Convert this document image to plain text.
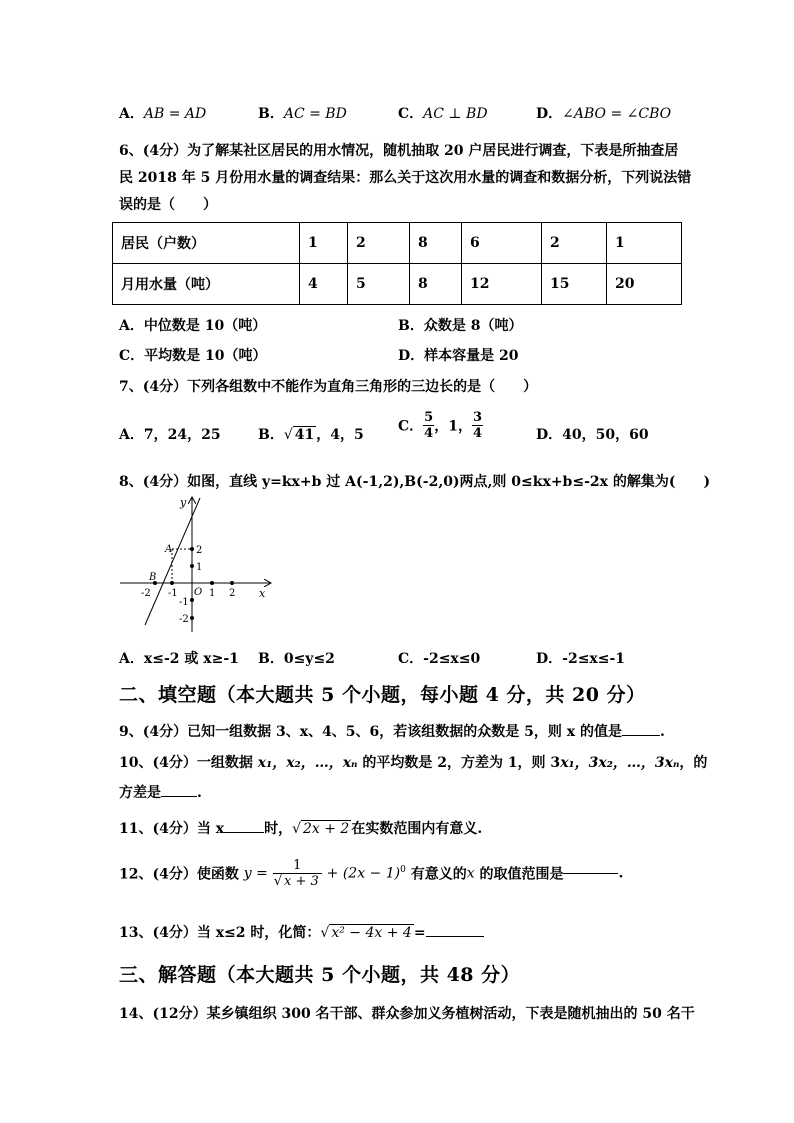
A．AB = AD	B．AC = BD	C．AC ⊥ BD	D．∠ABO = ∠CBO
6、(4分）为了解某社区居民的用水情况，随机抽取 20 户居民进行调查，下表是所抽查居
民 2018 年 5 月份用水量的调查结果：那么关于这次用水量的调查和数据分析，下列说法错
误的是（　　）
居民（户数）	1	2	8	6	2	1
月用水量（吨）	4	5	8	12	15	20
A．中位数是 10（吨）	B．众数是 8（吨）
C．平均数是 10（吨）	D．样本容量是 20
7、(4分）下列各组数中不能作为直角三角形的三边长的是（　　）
A．7，24，25	B．√ 41 ，4，5
C． $\frac{5}{4}$ ，1， $\frac{3}{4}$	D．40，50，60
8、(4分）如图，直线 y=kx+b 过 A(-1,2),B(-2,0)两点,则 0≤kx+b≤-2x 的解集为(　　)
y
x
O
A
B
2
1
-1
-2
-2 -1	1 2
A．x≤-2 或 x≥-1 B．0≤y≤2	C．-2≤x≤0	D．-2≤x≤-1
二、填空题（本大题共 5 个小题，每小题 4 分，共 20 分）
9、(4分）已知一组数据 3、x、4、5、6，若该组数据的众数是 5，则 x 的值是	.
10、(4分）一组数据 x₁，x₂，…，xₙ 的平均数是 2，方差为 1，则 3x₁，3x₂，…，3xₙ，的
方差是	.
11、(4分）当 x	时，√ 2x + 2 在实数范围内有意义.
12、(4分）使函数 $y = \frac{1}{√ x + 3} + (2x - 1)^0$ 有意义的x 的取值范围是	.
13、(4分）当 x≤2 时，化简：√ x² − 4x + 4 =
三、解答题（本大题共 5 个小题，共 48 分）
14、(12分）某乡镇组织 300 名干部、群众参加义务植树活动，下表是随机抽出的 50 名干
